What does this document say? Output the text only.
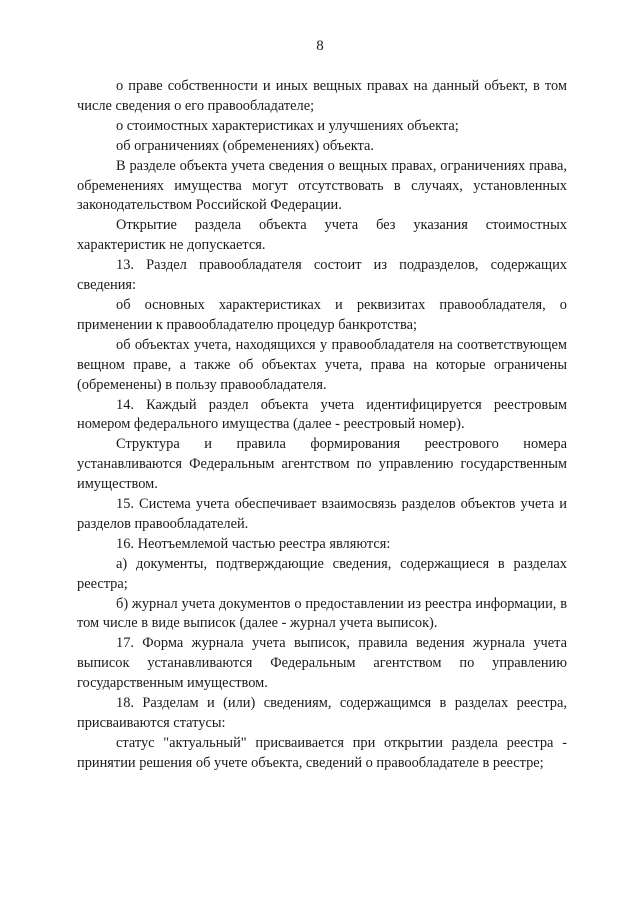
8

о праве собственности и иных вещных правах на данный объект, в том числе сведения о его правообладателе;

о стоимостных характеристиках и улучшениях объекта;

об ограничениях (обременениях) объекта.

В разделе объекта учета сведения о вещных правах, ограничениях права, обременениях имущества могут отсутствовать в случаях, установленных законодательством Российской Федерации.

Открытие раздела объекта учета без указания стоимостных характеристик не допускается.

13. Раздел правообладателя состоит из подразделов, содержащих сведения:

об основных характеристиках и реквизитах правообладателя, о применении к правообладателю процедур банкротства;

об объектах учета, находящихся у правообладателя на соответствующем вещном праве, а также об объектах учета, права на которые ограничены (обременены) в пользу правообладателя.

14. Каждый раздел объекта учета идентифицируется реестровым номером федерального имущества (далее - реестровый номер).

Структура и правила формирования реестрового номера устанавливаются Федеральным агентством по управлению государственным имуществом.

15. Система учета обеспечивает взаимосвязь разделов объектов учета и разделов правообладателей.

16. Неотъемлемой частью реестра являются:

а) документы, подтверждающие сведения, содержащиеся в разделах реестра;

б) журнал учета документов о предоставлении из реестра информации, в том числе в виде выписок (далее - журнал учета выписок).

17. Форма журнала учета выписок, правила ведения журнала учета выписок устанавливаются Федеральным агентством по управлению государственным имуществом.

18. Разделам и (или) сведениям, содержащимся в разделах реестра, присваиваются статусы:

статус "актуальный" присваивается при открытии раздела реестра - принятии решения об учете объекта, сведений о правообладателе в реестре;
